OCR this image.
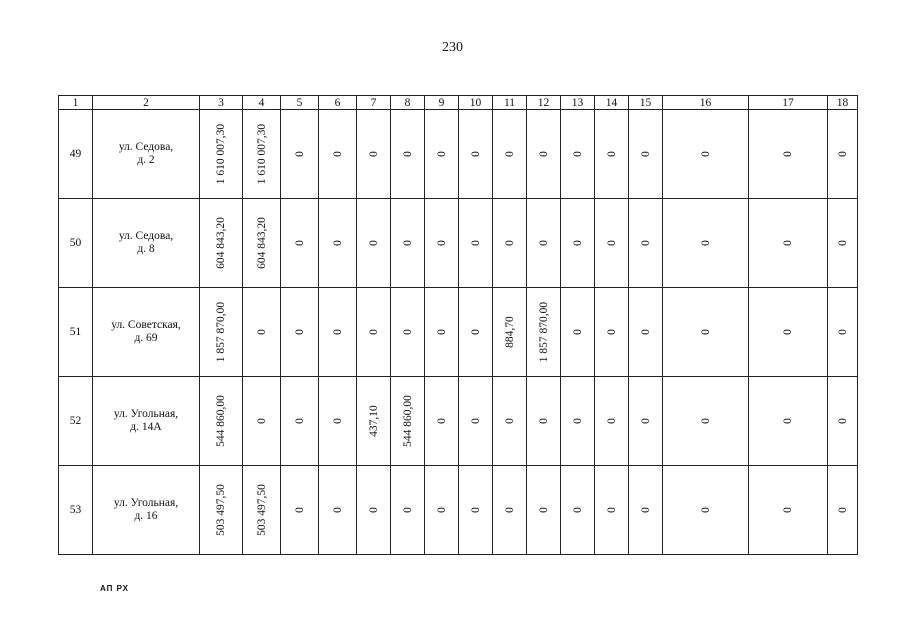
230
1	2	3	4	5	6	7	8	9	10	11	12	13	14	15	16	17	18
49	ул. Седова,
д. 2	1 610 007,30	1 610 007,30	0	0	0	0	0	0	0	0	0	0	0	0	0	0

50	ул. Седова,
д. 8	604 843,20	604 843,20	0	0	0	0	0	0	0	0	0	0	0	0	0	0

51	ул. Советская,
д. 69	1 857 870,00	0	0	0	0	0	0	0	884,70	1 857 870,00	0	0	0	0	0	0

52	ул. Угольная,
д. 14А	544 860,00	0	0	0	437,10	544 860,00	0	0	0	0	0	0	0	0	0	0

53	ул. Угольная,
д. 16	503 497,50	503 497,50	0	0	0	0	0	0	0	0	0	0	0	0	0	0
АП РХ
